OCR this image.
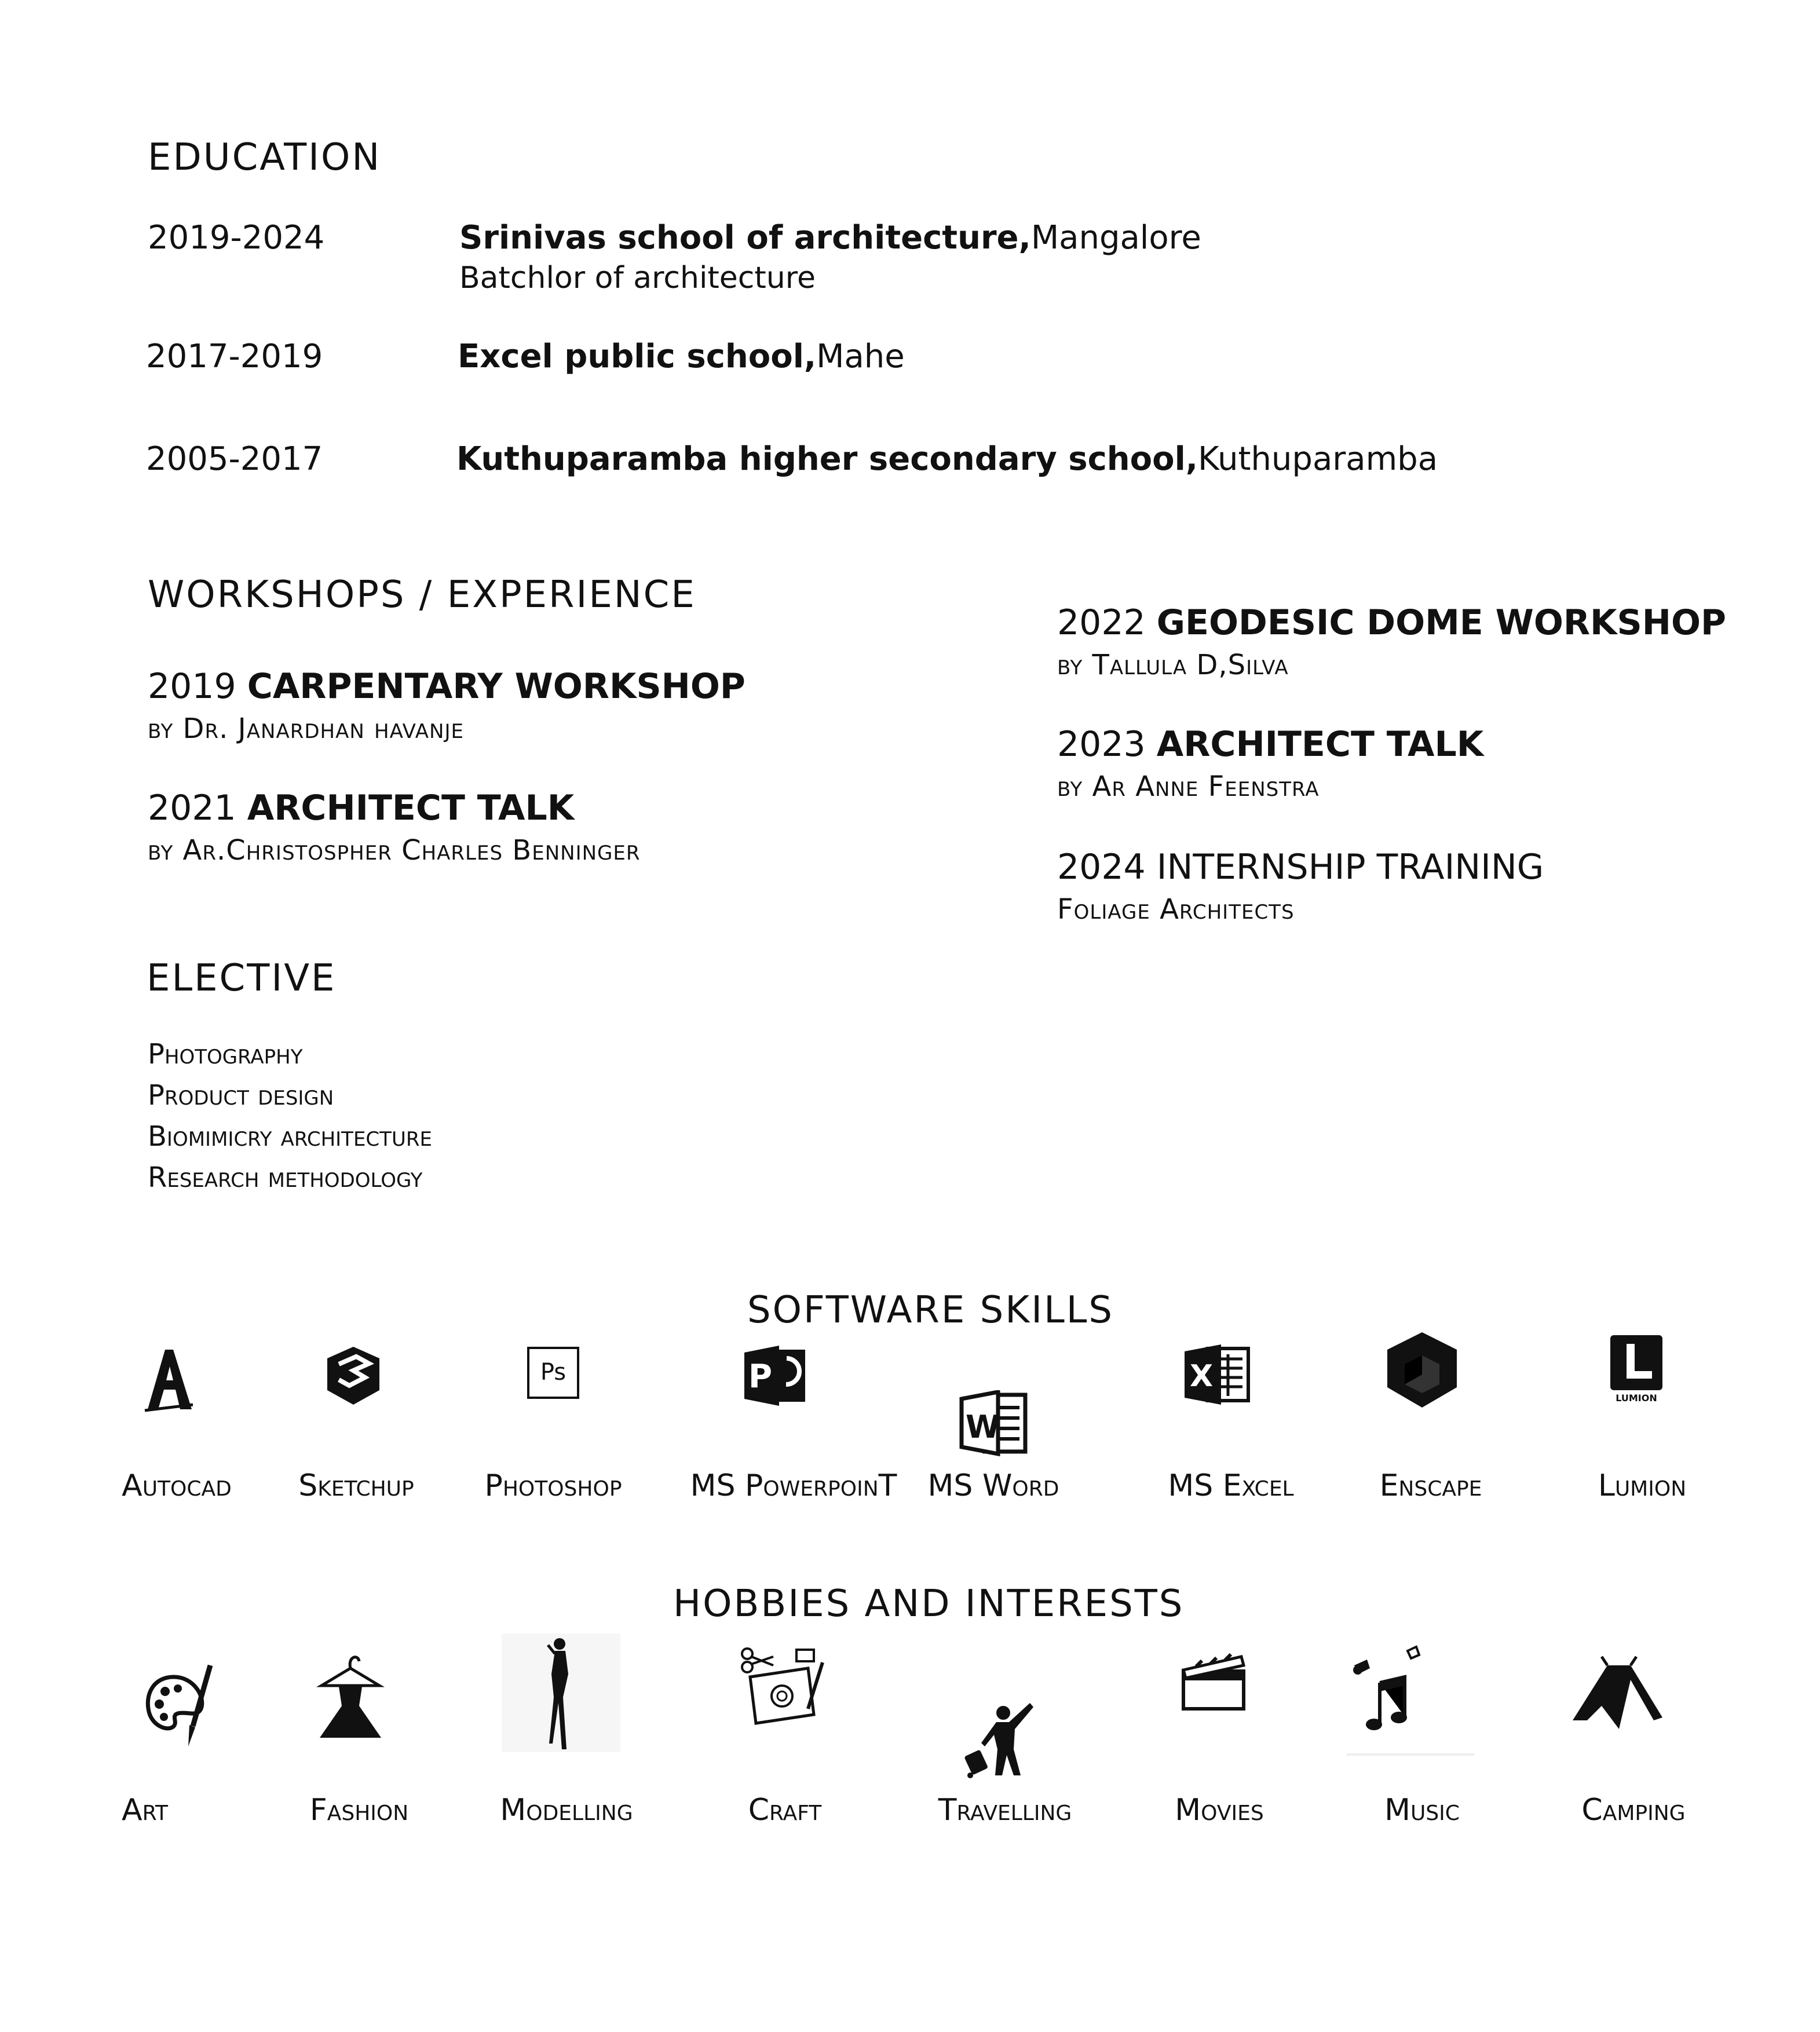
EDUCATION
2019-2024	Srinivas school of architecture,Mangalore
Batchlor of architecture
2017-2019	Excel public school,Mahe
2005-2017	Kuthuparamba higher secondary school,Kuthuparamba
WORKSHOPS / EXPERIENCE
2019 CARPENTARY WORKSHOP
by Dr. Janardhan havanje
2021 ARCHITECT TALK
by Ar.Christospher Charles Benninger
2022 GEODESIC DOME WORKSHOP
by Tallula D,Silva
2023 ARCHITECT TALK
by Ar Anne Feenstra
2024 INTERNSHIP TRAINING
Foliage Architects
ELECTIVE
Photography
Product design
Biomimicry architecture
Research methodology
SOFTWARE SKILLS
Ps	P
W
X
LUMION
Autocad	Sketchup	Photoshop	MS PowerpoinT	MS Word	MS Excel	Enscape	Lumion
HOBBIES AND INTERESTS
Art	Fashion	Modelling	Craft	Travelling	Movies	Music	Camping
